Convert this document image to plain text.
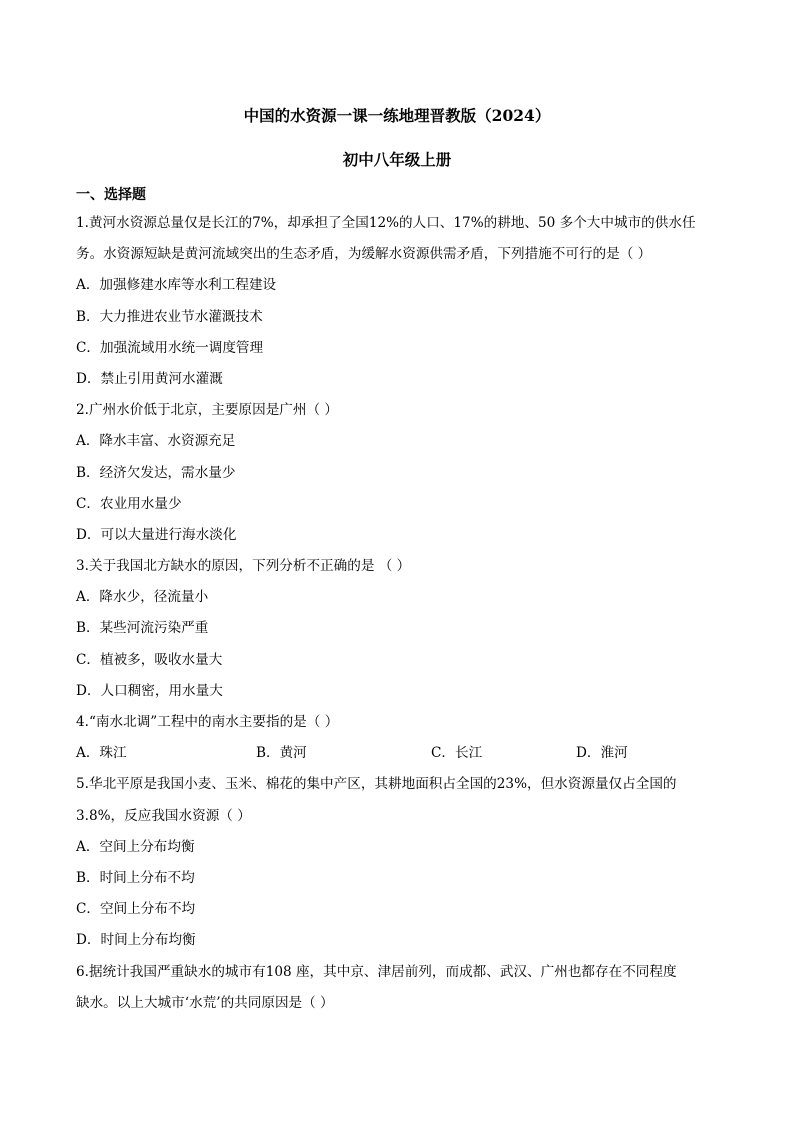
中国的水资源一课一练地理晋教版（2024）
初中八年级上册
一、选择题
1.黄河水资源总量仅是长江的7%，却承担了全国12%的人口、17%的耕地、50 多个大中城市的供水任
务。水资源短缺是黄河流域突出的生态矛盾，为缓解水资源供需矛盾，下列措施不可行的是（ ）
A．加强修建水库等水利工程建设
B．大力推进农业节水灌溉技术
C．加强流域用水统一调度管理
D．禁止引用黄河水灌溉
2.广州水价低于北京，主要原因是广州（ ）
A．降水丰富、水资源充足
B．经济欠发达，需水量少
C．农业用水量少
D．可以大量进行海水淡化
3.关于我国北方缺水的原因，下列分析不正确的是 （ ）
A．降水少，径流量小
B．某些河流污染严重
C．植被多，吸收水量大
D．人口稠密，用水量大
4.“南水北调”工程中的南水主要指的是（ ）
A．珠江	B．黄河	C．长江	D．淮河
5.华北平原是我国小麦、玉米、棉花的集中产区，其耕地面积占全国的23%，但水资源量仅占全国的
3.8%，反应我国水资源（ ）
A．空间上分布均衡
B．时间上分布不均
C．空间上分布不均
D．时间上分布均衡
6.据统计我国严重缺水的城市有108 座，其中京、津居前列，而成都、武汉、广州也都存在不同程度
缺水。以上大城市‘水荒’的共同原因是（ ）
